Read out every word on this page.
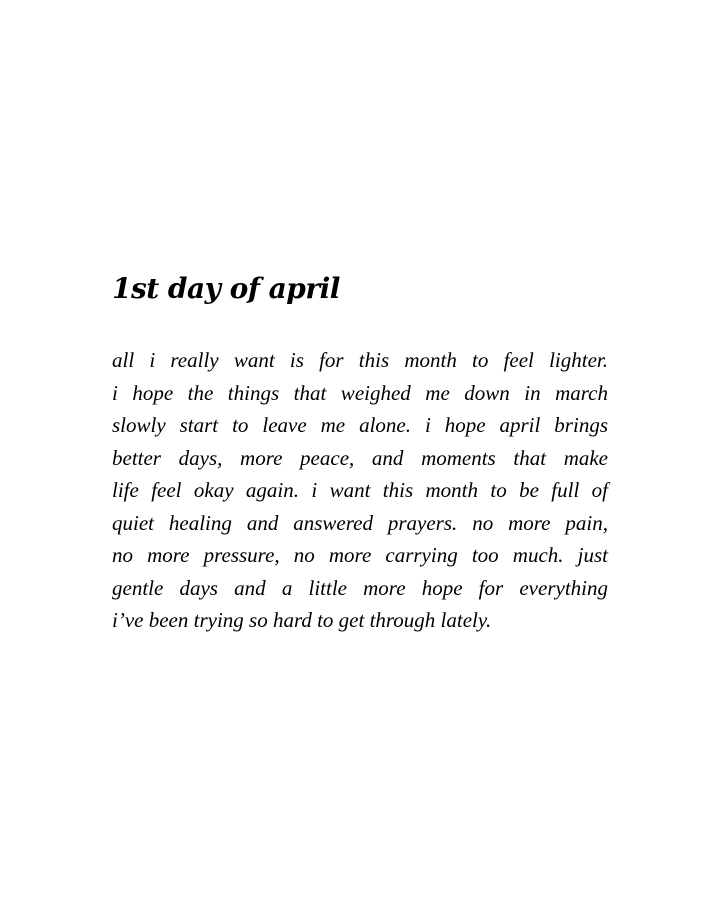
1st day of april
all i really want is for this month to feel lighter.
i hope the things that weighed me down in march
slowly start to leave me alone. i hope april brings
better days, more peace, and moments that make
life feel okay again. i want this month to be full of
quiet healing and answered prayers. no more pain,
no more pressure, no more carrying too much. just
gentle days and a little more hope for everything
i’ve been trying so hard to get through lately.
